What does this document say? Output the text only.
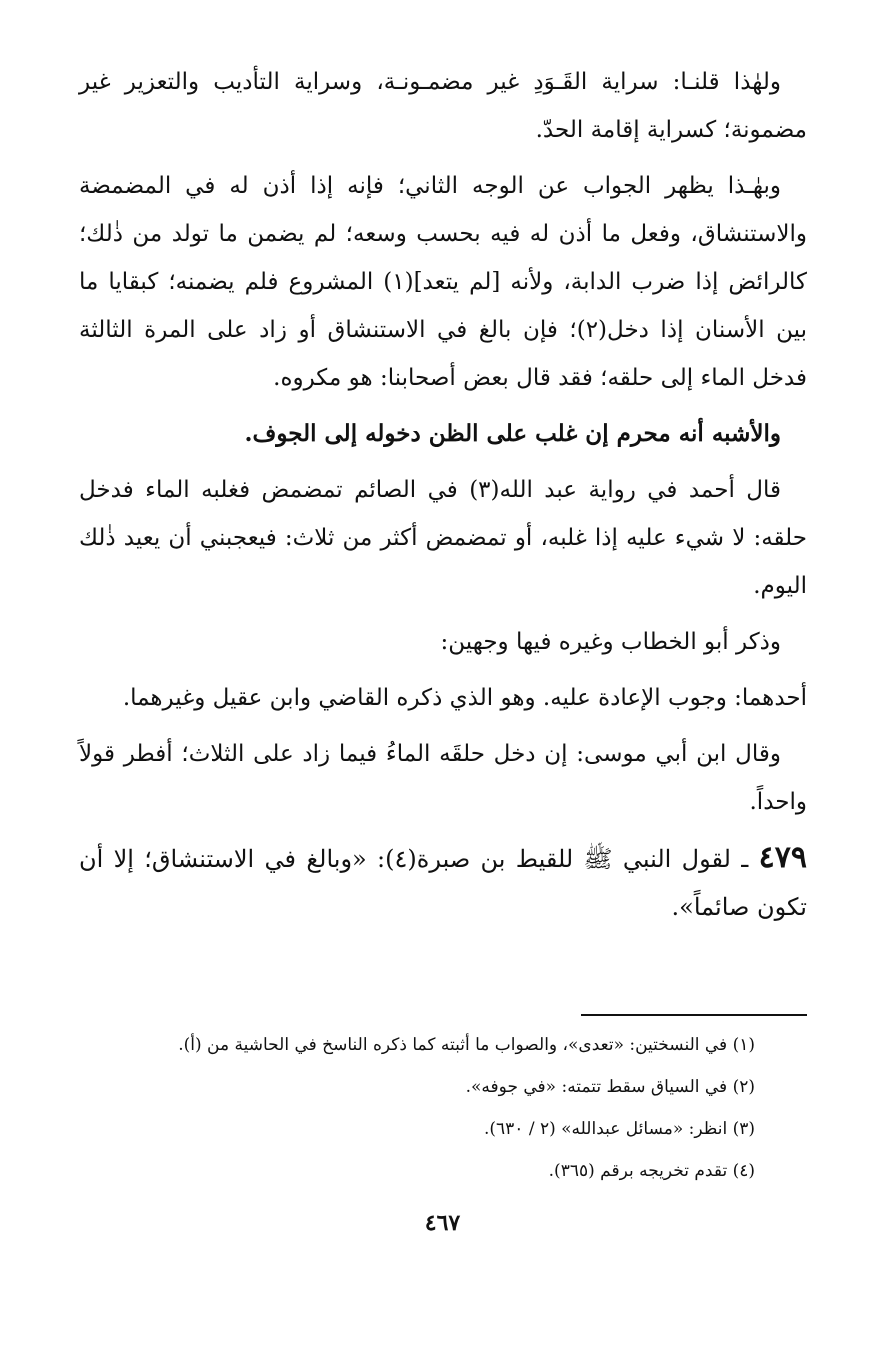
ولهٰذا قلنـا: سراية القَـوَدِ غير مضمـونـة، وسراية التأديب والتعزير غير مضمونة؛ كسراية إقامة الحدّ.

وبهٰـذا يظهر الجواب عن الوجه الثاني؛ فإنه إذا أذن له في المضمضة والاستنشاق، وفعل ما أذن له فيه بحسب وسعه؛ لم يضمن ما تولد من ذٰلك؛ كالرائض إذا ضرب الدابة، ولأنه [لم يتعد](١) المشروع فلم يضمنه؛ كبقايا ما بين الأسنان إذا دخل(٢)؛ فإن بالغ في الاستنشاق أو زاد على المرة الثالثة فدخل الماء إلى حلقه؛ فقد قال بعض أصحابنا: هو مكروه.

والأشبه أنه محرم إن غلب على الظن دخوله إلى الجوف.

قال أحمد في رواية عبد الله(٣) في الصائم تمضمض فغلبه الماء فدخل حلقه: لا شيء عليه إذا غلبه، أو تمضمض أكثر من ثلاث: فيعجبني أن يعيد ذٰلك اليوم.

وذكر أبو الخطاب وغيره فيها وجهين:

أحدهما: وجوب الإعادة عليه. وهو الذي ذكره القاضي وابن عقيل وغيرهما.

وقال ابن أبي موسى: إن دخل حلقَه الماءُ فيما زاد على الثلاث؛ أفطر قولاً واحداً.

٤٧٩ ـ لقول النبي ﷺ للقيط بن صبرة(٤): «وبالغ في الاستنشاق؛ إلا أن تكون صائماً».

(١) في النسختين: «تعدى»، والصواب ما أثبته كما ذكره الناسخ في الحاشية من (أ).
(٢) في السياق سقط تتمته: «في جوفه».
(٣) انظر: «مسائل عبدالله» (٢ / ٦٣٠).
(٤) تقدم تخريجه برقم (٣٦٥).
٤٦٧
